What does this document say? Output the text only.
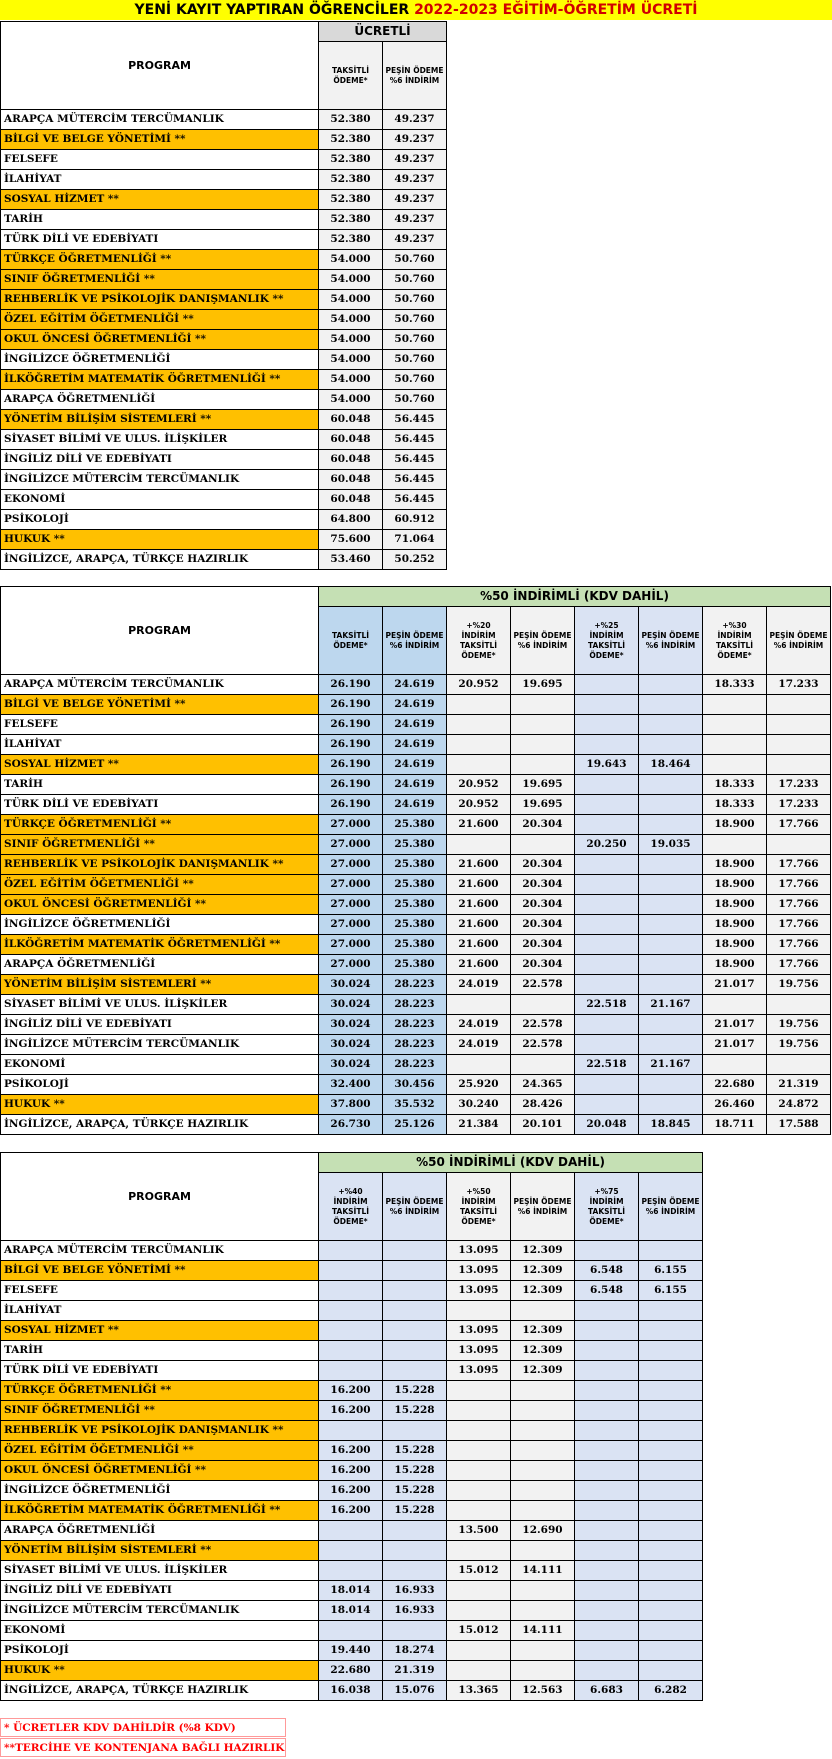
YENİ KAYIT YAPTIRAN ÖĞRENCİLER 2022-2023 EĞİTİM-ÖĞRETİM ÜCRETİ
PROGRAM	ÜCRETLİ	
	TAKSİTLİ ÖDEME*	PEŞİN ÖDEME %6 İNDİRİM
ARAPÇA MÜTERCİM TERCÜMANLIK	52.380	49.237
BİLGİ VE BELGE YÖNETİMİ **	52.380	49.237
FELSEFE	52.380	49.237
İLAHİYAT	52.380	49.237
SOSYAL HİZMET **	52.380	49.237
TARİH	52.380	49.237
TÜRK DİLİ VE EDEBİYATI	52.380	49.237
TÜRKÇE ÖĞRETMENLİĞİ **	54.000	50.760
SINIF ÖĞRETMENLİĞİ **	54.000	50.760
REHBERLİK VE PSİKOLOJİK DANIŞMANLIK **	54.000	50.760
ÖZEL EĞİTİM ÖĞETMENLİĞİ **	54.000	50.760
OKUL ÖNCESİ ÖĞRETMENLİĞİ **	54.000	50.760
İNGİLİZCE ÖĞRETMENLİĞİ	54.000	50.760
İLKÖĞRETİM MATEMATİK ÖĞRETMENLİĞİ **	54.000	50.760
ARAPÇA ÖĞRETMENLİĞİ	54.000	50.760
YÖNETİM BİLİŞİM SİSTEMLERİ **	60.048	56.445
SİYASET BİLİMİ VE ULUS. İLİŞKİLER	60.048	56.445
İNGİLİZ DİLİ VE EDEBİYATI	60.048	56.445
İNGİLİZCE MÜTERCİM TERCÜMANLIK	60.048	56.445
EKONOMİ	60.048	56.445
PSİKOLOJİ	64.800	60.912
HUKUK **	75.600	71.064
İNGİLİZCE, ARAPÇA, TÜRKÇE HAZIRLIK	53.460	50.252
PROGRAM	%50 İNDİRİMLİ (KDV DAHİL)							
	TAKSİTLİ ÖDEME*	PEŞİN ÖDEME %6 İNDİRİM	+%20 İNDİRİM TAKSİTLİ ÖDEME*	PEŞİN ÖDEME %6 İNDİRİM	+%25 İNDİRİM TAKSİTLİ ÖDEME*	PEŞİN ÖDEME %6 İNDİRİM	+%30 İNDİRİM TAKSİTLİ ÖDEME*	PEŞİN ÖDEME %6 İNDİRİM
ARAPÇA MÜTERCİM TERCÜMANLIK	26.190	24.619	20.952	19.695			18.333	17.233
BİLGİ VE BELGE YÖNETİMİ **	26.190	24.619						
FELSEFE	26.190	24.619						
İLAHİYAT	26.190	24.619						
SOSYAL HİZMET **	26.190	24.619			19.643	18.464		
TARİH	26.190	24.619	20.952	19.695			18.333	17.233
TÜRK DİLİ VE EDEBİYATI	26.190	24.619	20.952	19.695			18.333	17.233
TÜRKÇE ÖĞRETMENLİĞİ **	27.000	25.380	21.600	20.304			18.900	17.766
SINIF ÖĞRETMENLİĞİ **	27.000	25.380			20.250	19.035		
REHBERLİK VE PSİKOLOJİK DANIŞMANLIK **	27.000	25.380	21.600	20.304			18.900	17.766
ÖZEL EĞİTİM ÖĞETMENLİĞİ **	27.000	25.380	21.600	20.304			18.900	17.766
OKUL ÖNCESİ ÖĞRETMENLİĞİ **	27.000	25.380	21.600	20.304			18.900	17.766
İNGİLİZCE ÖĞRETMENLİĞİ	27.000	25.380	21.600	20.304			18.900	17.766
İLKÖĞRETİM MATEMATİK ÖĞRETMENLİĞİ **	27.000	25.380	21.600	20.304			18.900	17.766
ARAPÇA ÖĞRETMENLİĞİ	27.000	25.380	21.600	20.304			18.900	17.766
YÖNETİM BİLİŞİM SİSTEMLERİ **	30.024	28.223	24.019	22.578			21.017	19.756
SİYASET BİLİMİ VE ULUS. İLİŞKİLER	30.024	28.223			22.518	21.167		
İNGİLİZ DİLİ VE EDEBİYATI	30.024	28.223	24.019	22.578			21.017	19.756
İNGİLİZCE MÜTERCİM TERCÜMANLIK	30.024	28.223	24.019	22.578			21.017	19.756
EKONOMİ	30.024	28.223			22.518	21.167		
PSİKOLOJİ	32.400	30.456	25.920	24.365			22.680	21.319
HUKUK **	37.800	35.532	30.240	28.426			26.460	24.872
İNGİLİZCE, ARAPÇA, TÜRKÇE HAZIRLIK	26.730	25.126	21.384	20.101	20.048	18.845	18.711	17.588
PROGRAM	%50 İNDİRİMLİ (KDV DAHİL)					
	+%40 İNDİRİM TAKSİTLİ ÖDEME*	PEŞİN ÖDEME %6 İNDİRİM	+%50 İNDİRİM TAKSİTLİ ÖDEME*	PEŞİN ÖDEME %6 İNDİRİM	+%75 İNDİRİM TAKSİTLİ ÖDEME*	PEŞİN ÖDEME %6 İNDİRİM
ARAPÇA MÜTERCİM TERCÜMANLIK			13.095	12.309		
BİLGİ VE BELGE YÖNETİMİ **			13.095	12.309	6.548	6.155
FELSEFE			13.095	12.309	6.548	6.155
İLAHİYAT						
SOSYAL HİZMET **			13.095	12.309		
TARİH			13.095	12.309		
TÜRK DİLİ VE EDEBİYATI			13.095	12.309		
TÜRKÇE ÖĞRETMENLİĞİ **	16.200	15.228				
SINIF ÖĞRETMENLİĞİ **	16.200	15.228				
REHBERLİK VE PSİKOLOJİK DANIŞMANLIK **						
ÖZEL EĞİTİM ÖĞETMENLİĞİ **	16.200	15.228				
OKUL ÖNCESİ ÖĞRETMENLİĞİ **	16.200	15.228				
İNGİLİZCE ÖĞRETMENLİĞİ	16.200	15.228				
İLKÖĞRETİM MATEMATİK ÖĞRETMENLİĞİ **	16.200	15.228				
ARAPÇA ÖĞRETMENLİĞİ			13.500	12.690		
YÖNETİM BİLİŞİM SİSTEMLERİ **						
SİYASET BİLİMİ VE ULUS. İLİŞKİLER			15.012	14.111		
İNGİLİZ DİLİ VE EDEBİYATI	18.014	16.933				
İNGİLİZCE MÜTERCİM TERCÜMANLIK	18.014	16.933				
EKONOMİ			15.012	14.111		
PSİKOLOJİ	19.440	18.274				
HUKUK **	22.680	21.319				
İNGİLİZCE, ARAPÇA, TÜRKÇE HAZIRLIK	16.038	15.076	13.365	12.563	6.683	6.282
* ÜCRETLER KDV DAHİLDİR (%8 KDV)
**TERCİHE VE KONTENJANA BAĞLI HAZIRLIK
